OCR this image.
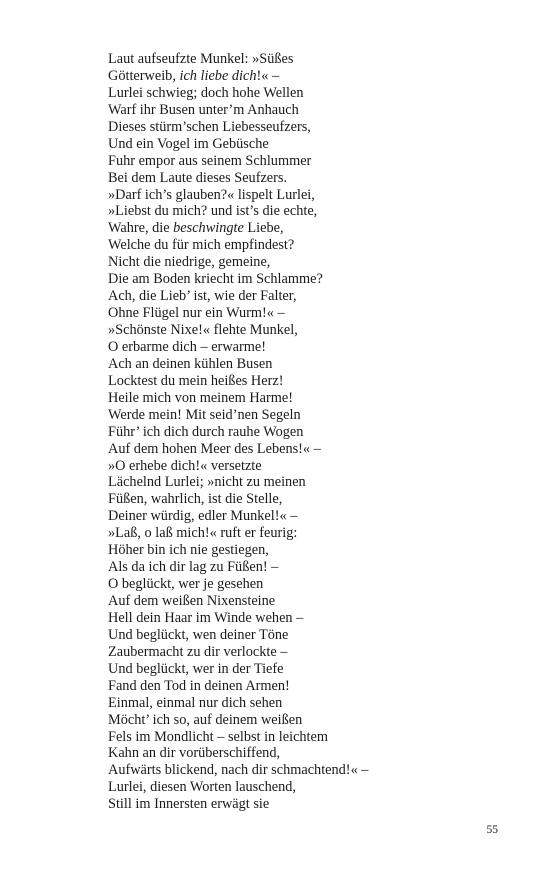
Laut aufseufzte Munkel: »Süßes
Götterweib, ich liebe dich!« –
Lurlei schwieg; doch hohe Wellen
Warf ihr Busen unter’m Anhauch
Dieses stürm’schen Liebesseufzers,
Und ein Vogel im Gebüsche
Fuhr empor aus seinem Schlummer
Bei dem Laute dieses Seufzers.
»Darf ich’s glauben?« lispelt Lurlei,
»Liebst du mich? und ist’s die echte,
Wahre, die beschwingte Liebe,
Welche du für mich empfindest?
Nicht die niedrige, gemeine,
Die am Boden kriecht im Schlamme?
Ach, die Lieb’ ist, wie der Falter,
Ohne Flügel nur ein Wurm!« –
»Schönste Nixe!« flehte Munkel,
O erbarme dich – erwarme!
Ach an deinen kühlen Busen
Locktest du mein heißes Herz!
Heile mich von meinem Harme!
Werde mein! Mit seid’nen Segeln
Führ’ ich dich durch rauhe Wogen
Auf dem hohen Meer des Lebens!« –
»O erhebe dich!« versetzte
Lächelnd Lurlei; »nicht zu meinen
Füßen, wahrlich, ist die Stelle,
Deiner würdig, edler Munkel!« –
»Laß, o laß mich!« ruft er feurig:
Höher bin ich nie gestiegen,
Als da ich dir lag zu Füßen! –
O beglückt, wer je gesehen
Auf dem weißen Nixensteine
Hell dein Haar im Winde wehen –
Und beglückt, wen deiner Töne
Zaubermacht zu dir verlockte –
Und beglückt, wer in der Tiefe
Fand den Tod in deinen Armen!
Einmal, einmal nur dich sehen
Möcht’ ich so, auf deinem weißen
Fels im Mondlicht – selbst in leichtem
Kahn an dir vorüberschiffend,
Aufwärts blickend, nach dir schmachtend!« –
Lurlei, diesen Worten lauschend,
Still im Innersten erwägt sie
55
